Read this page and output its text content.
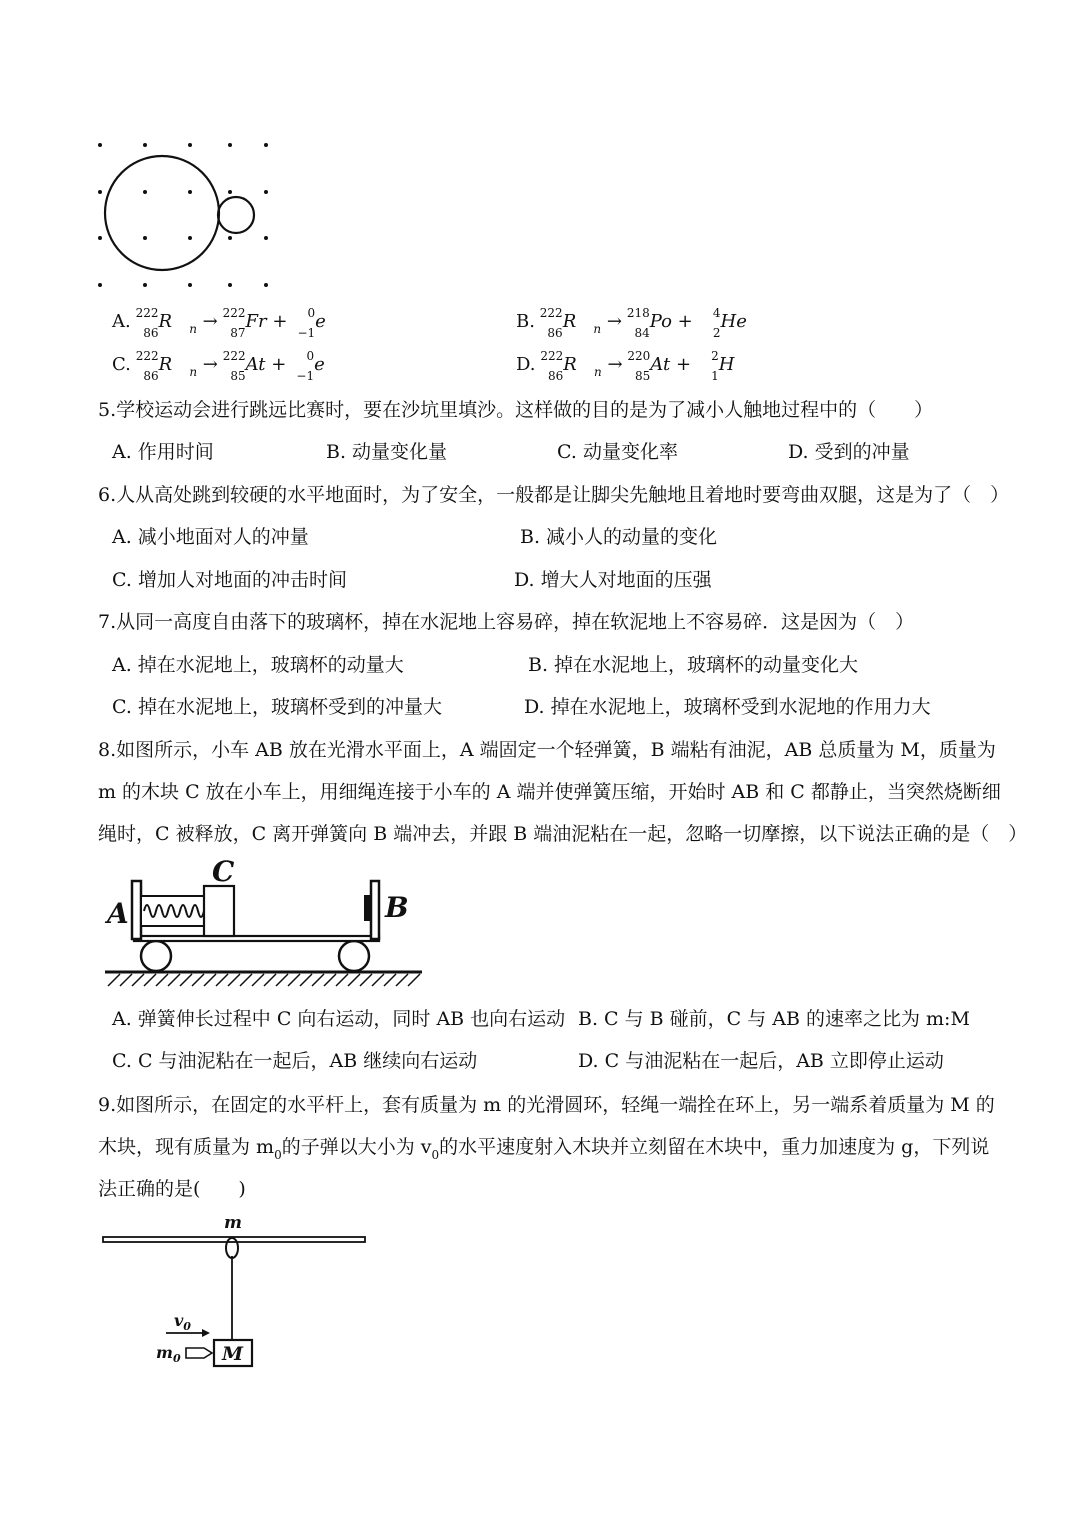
A. 222
86
R $_n$ → 222
87
Fr + 0
−1
e	B. 222
86
R $_n$ → 218
84
Po + 4
2
He
C. 222
86
R $_n$ → 222
85
At + 0
−1
e	D. 222
86
R $_n$ → 220
85
At + 2
1
H
5.学校运动会进行跳远比赛时，要在沙坑里填沙。这样做的目的是为了减小人触地过程中的（　　）
A. 作用时间	B. 动量变化量	C. 动量变化率	D. 受到的冲量
6.人从高处跳到较硬的水平地面时，为了安全，一般都是让脚尖先触地且着地时要弯曲双腿，这是为了（　）
A. 减小地面对人的冲量	B. 减小人的动量的变化
C. 增加人对地面的冲击时间	D. 增大人对地面的压强
7.从同一高度自由落下的玻璃杯，掉在水泥地上容易碎，掉在软泥地上不容易碎．这是因为（　）
A. 掉在水泥地上，玻璃杯的动量大	B. 掉在水泥地上，玻璃杯的动量变化大
C. 掉在水泥地上，玻璃杯受到的冲量大	D. 掉在水泥地上，玻璃杯受到水泥地的作用力大
8.如图所示，小车 AB 放在光滑水平面上，A 端固定一个轻弹簧，B 端粘有油泥，AB 总质量为 M，质量为
m 的木块 C 放在小车上，用细绳连接于小车的 A 端并使弹簧压缩，开始时 AB 和 C 都静止，当突然烧断细
绳时，C 被释放，C 离开弹簧向 B 端冲去，并跟 B 端油泥粘在一起，忽略一切摩擦，以下说法正确的是（　）
A
C
B
A. 弹簧伸长过程中 C 向右运动，同时 AB 也向右运动 B. C 与 B 碰前，C 与 AB 的速率之比为 m:M
C. C 与油泥粘在一起后，AB 继续向右运动	D. C 与油泥粘在一起后，AB 立即停止运动
9.如图所示，在固定的水平杆上，套有质量为 m 的光滑圆环，轻绳一端拴在环上，另一端系着质量为 M 的
木块，现有质量为 $m_0$的子弹以大小为 $v_0$的水平速度射入木块并立刻留在木块中，重力加速度为 g，下列说
法正确的是(　　)
M
m
$v_0$
$m_0$
